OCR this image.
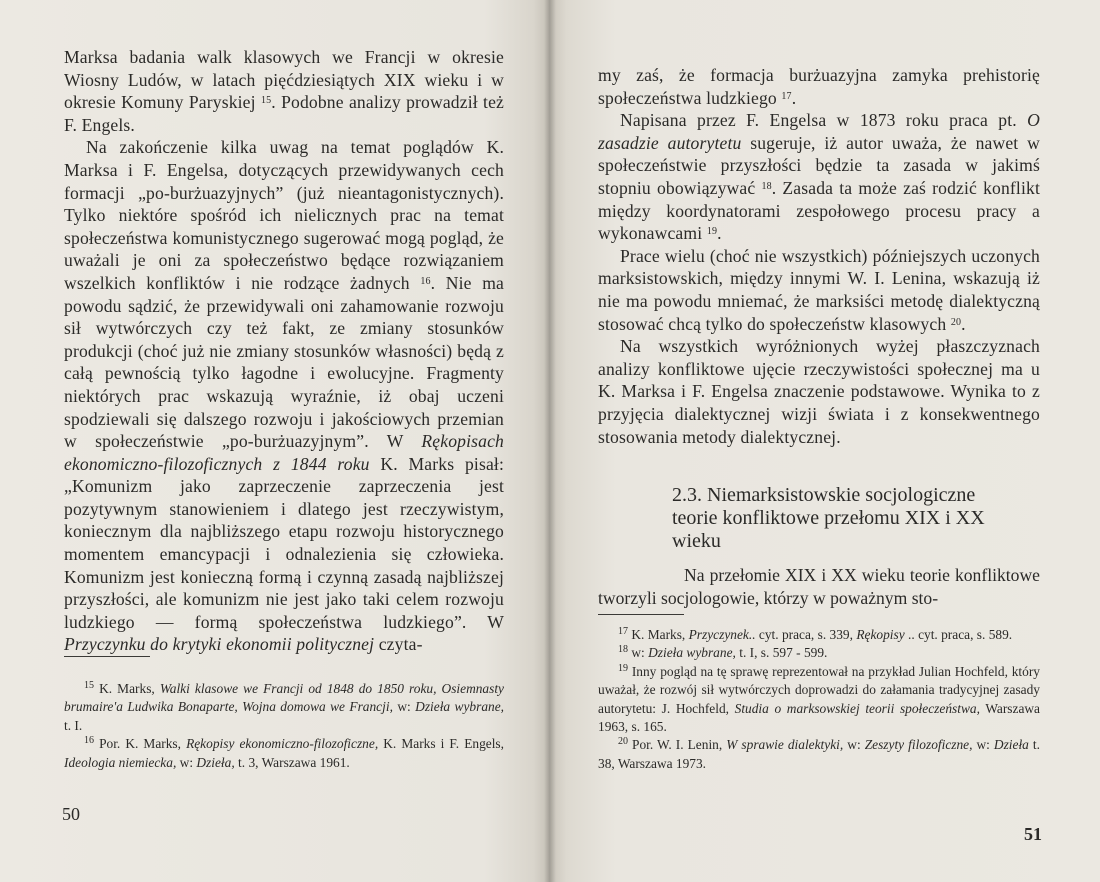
Marksa badania walk klasowych we Francji w okresie Wiosny Ludów, w latach pięćdziesiątych XIX wieku i w okresie Komuny Paryskiej $^{15}$. Podobne analizy prowadził też F. Engels.

Na zakończenie kilka uwag na temat poglądów K. Marksa i F. Engelsa, dotyczących przewidywanych cech formacji „po-burżuazyjnych” (już nieantagonistycznych). Tylko niektóre spośród ich nielicznych prac na temat społeczeństwa komunistycznego sugerować mogą pogląd, że uważali je oni za społeczeństwo będące rozwiązaniem wszelkich konfliktów i nie rodzące żadnych $^{16}$. Nie ma powodu sądzić, że przewidywali oni zahamowanie rozwoju sił wytwórczych czy też fakt, ze zmiany stosunków produkcji (choć już nie zmiany stosunków własności) będą z całą pewnością tylko łagodne i ewolucyjne. Fragmenty niektórych prac wskazują wyraźnie, iż obaj uczeni spodziewali się dalszego rozwoju i jakościowych przemian w społeczeństwie „po-burżuazyjnym”. W Rękopisach ekonomiczno-filozoficznych z 1844 roku K. Marks pisał: „Komunizm jako zaprzeczenie zaprzeczenia jest pozytywnym stanowieniem i dlatego jest rzeczywistym, koniecznym dla najbliższego etapu rozwoju historycznego momentem emancypacji i odnalezienia się człowieka. Komunizm jest konieczną formą i czynną zasadą najbliższej przyszłości, ale komunizm nie jest jako taki celem rozwoju ludzkiego — formą społeczeństwa ludzkiego”. W Przyczynku do krytyki ekonomii politycznej czyta-

$^{15}$ K. Marks, Walki klasowe we Francji od 1848 do 1850 roku, Osiemnasty brumaire'a Ludwika Bonaparte, Wojna domowa we Francji, w: Dzieła wybrane, t. I.

$^{16}$ Por. K. Marks, Rękopisy ekonomiczno-filozoficzne, K. Marks i F. Engels, Ideologia niemiecka, w: Dzieła, t. 3, Warszawa 1961.

50

my zaś, że formacja burżuazyjna zamyka prehistorię społeczeństwa ludzkiego $^{17}$.

Napisana przez F. Engelsa w 1873 roku praca pt. O zasadzie autorytetu sugeruje, iż autor uważa, że nawet w społeczeństwie przyszłości będzie ta zasada w jakimś stopniu obowiązywać $^{18}$. Zasada ta może zaś rodzić konflikt między koordynatorami zespołowego procesu pracy a wykonawcami $^{19}$.

Prace wielu (choć nie wszystkich) późniejszych uczonych marksistowskich, między innymi W. I. Lenina, wskazują iż nie ma powodu mniemać, że marksiści metodę dialektyczną stosować chcą tylko do społeczeństw klasowych $^{20}$.

Na wszystkich wyróżnionych wyżej płaszczyznach analizy konfliktowe ujęcie rzeczywistości społecznej ma u K. Marksa i F. Engelsa znaczenie podstawowe. Wynika to z przyjęcia dialektycznej wizji świata i z konsekwentnego stosowania metody dialektycznej.

2.3. Niemarksistowskie socjologiczne
teorie konfliktowe przełomu XIX i XX
wieku

Na przełomie XIX i XX wieku teorie konfliktowe tworzyli socjologowie, którzy w poważnym sto-

$^{17}$ K. Marks, Przyczynek.. cyt. praca, s. 339, Rękopisy .. cyt. praca, s. 589.

$^{18}$ w: Dzieła wybrane, t. I, s. 597 - 599.

$^{19}$ Inny pogląd na tę sprawę reprezentował na przykład Julian Hochfeld, który uważał, że rozwój sił wytwórczych doprowadzi do załamania tradycyjnej zasady autorytetu: J. Hochfeld, Studia o marksowskiej teorii społeczeństwa, Warszawa 1963, s. 165.

$^{20}$ Por. W. I. Lenin, W sprawie dialektyki, w: Zeszyty filozoficzne, w: Dzieła t. 38, Warszawa 1973.

51
